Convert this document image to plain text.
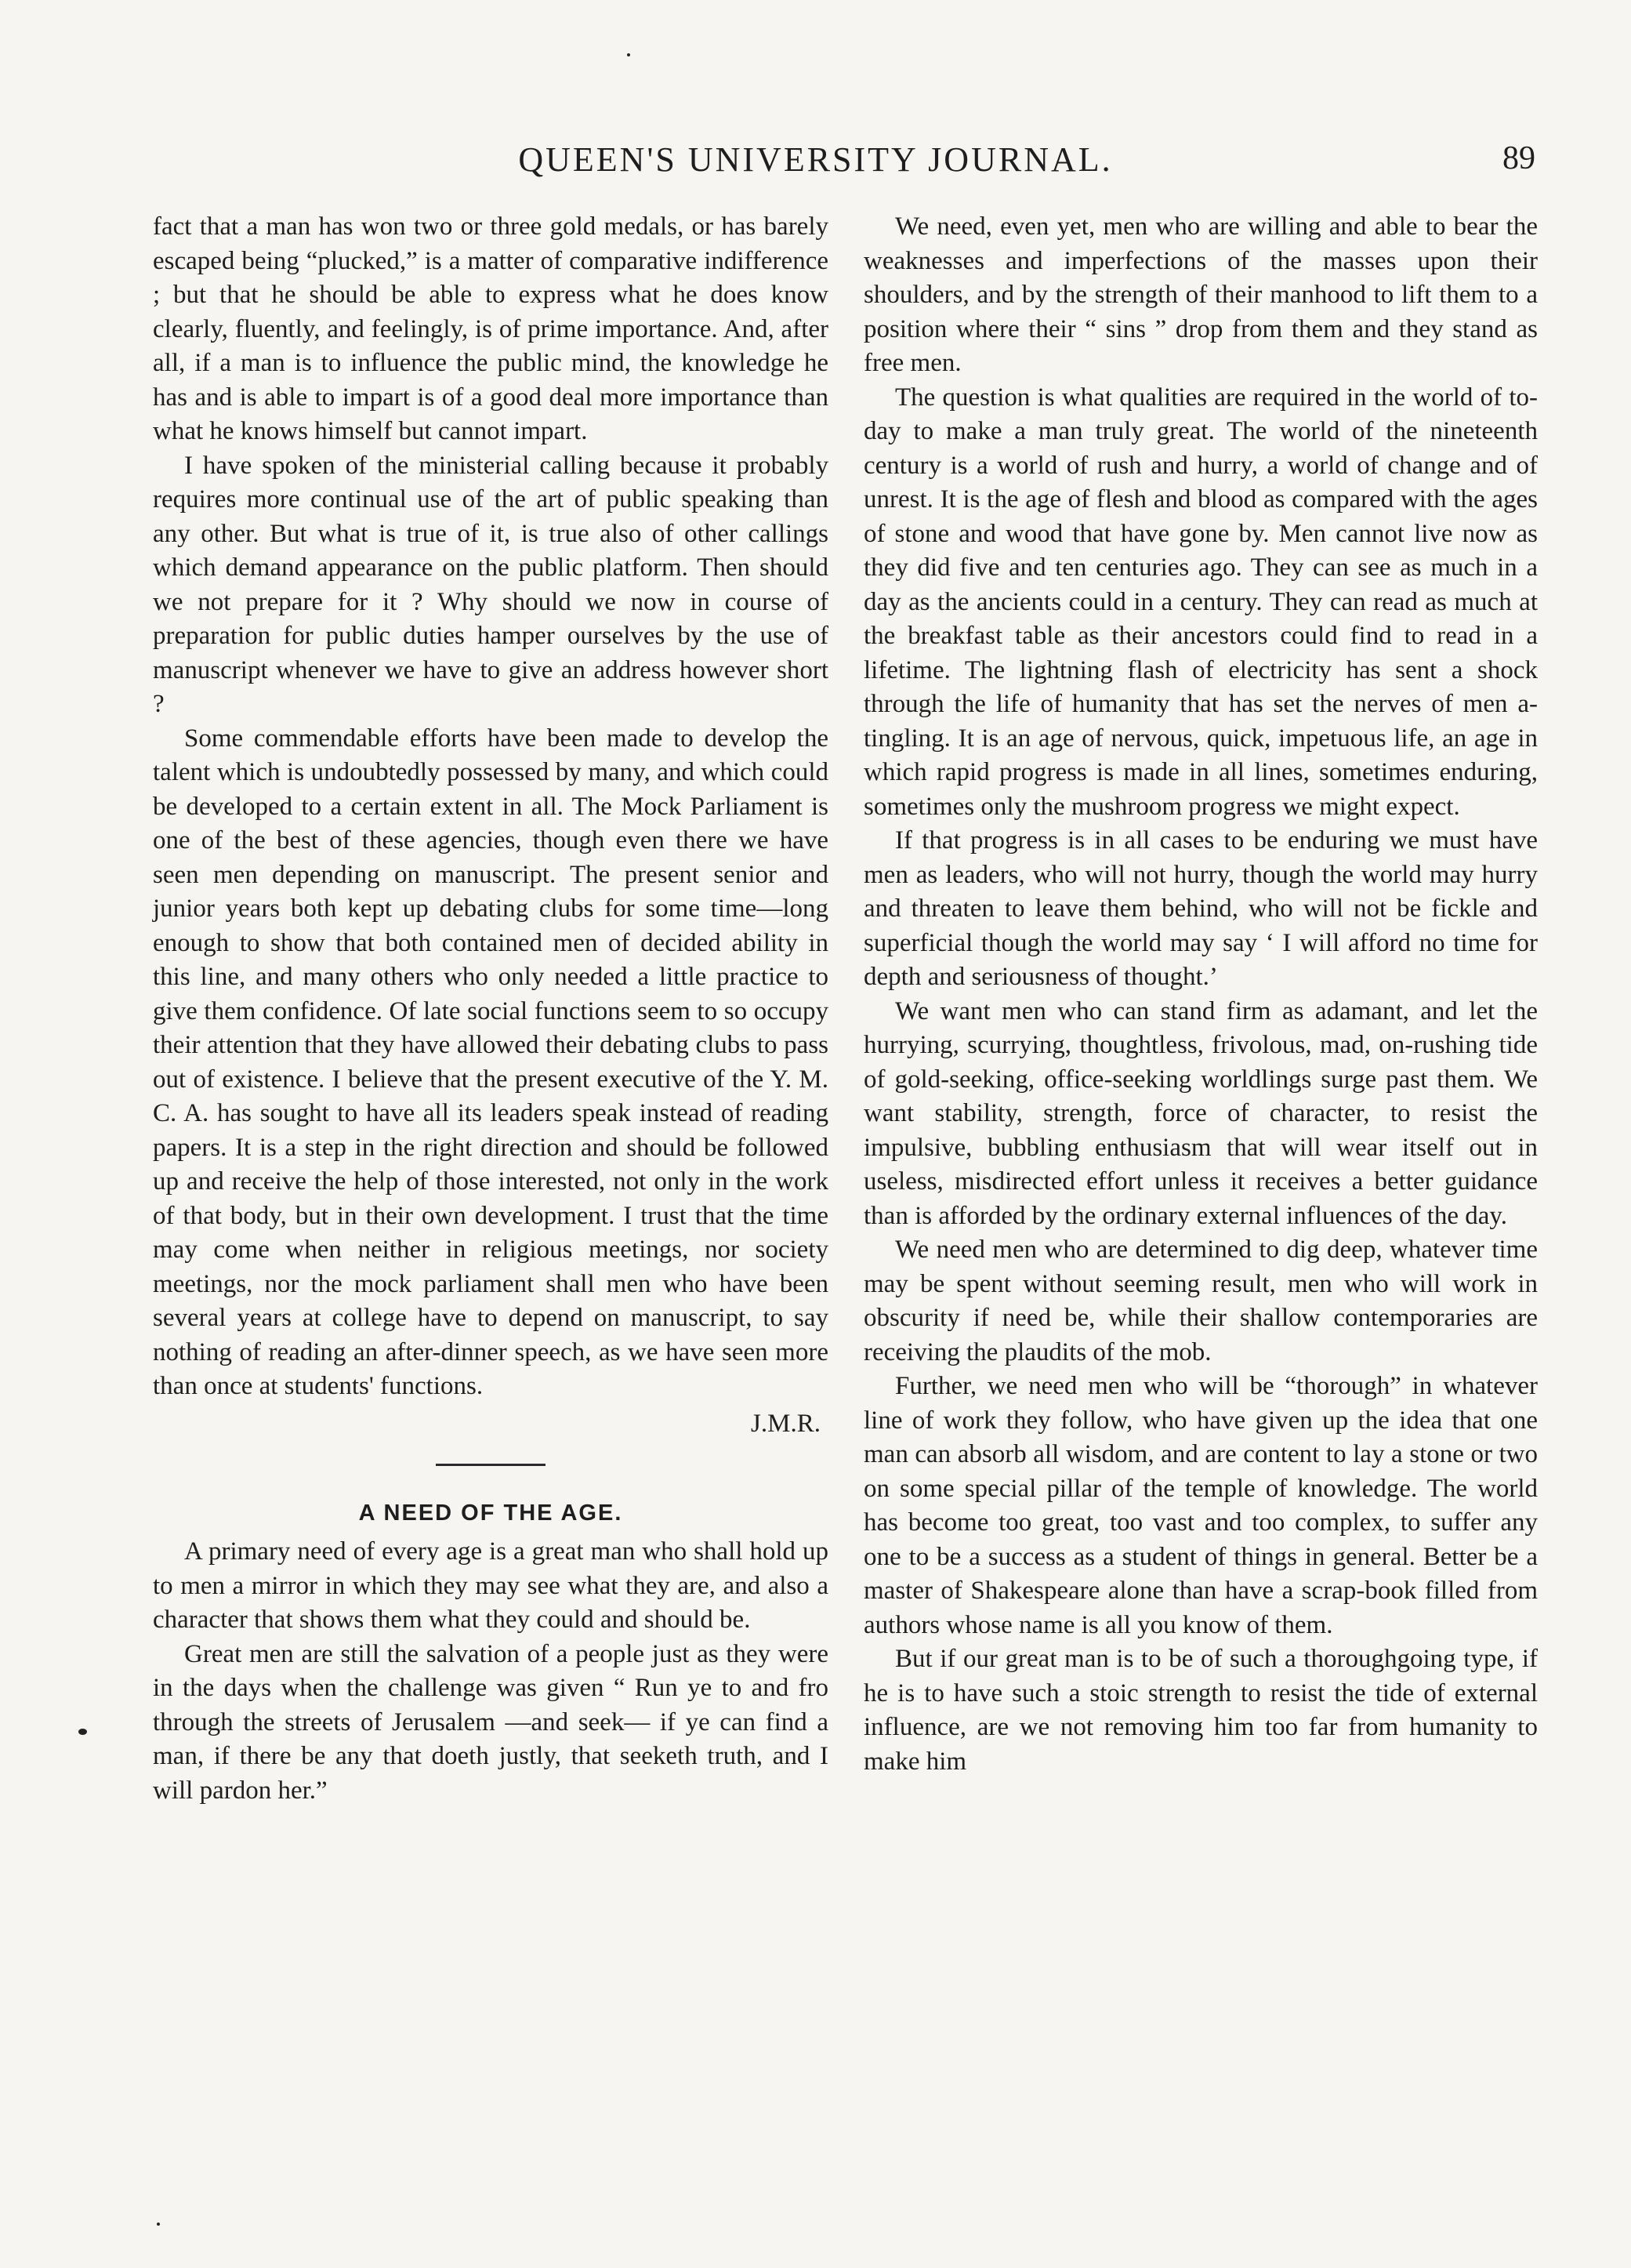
QUEEN'S UNIVERSITY JOURNAL.	89

fact that a man has won two or three gold medals, or has barely escaped being “plucked,” is a matter of comparative indifference ; but that he should be able to express what he does know clearly, fluently, and feelingly, is of prime importance. And, after all, if a man is to influence the public mind, the knowledge he has and is able to impart is of a good deal more importance than what he knows himself but cannot impart.

I have spoken of the ministerial calling because it probably requires more continual use of the art of public speaking than any other. But what is true of it, is true also of other callings which demand appearance on the public platform. Then should we not prepare for it ? Why should we now in course of preparation for public duties hamper ourselves by the use of manuscript whenever we have to give an address however short ?

Some commendable efforts have been made to develop the talent which is undoubtedly possessed by many, and which could be developed to a certain extent in all. The Mock Parliament is one of the best of these agencies, though even there we have seen men depending on manuscript. The present senior and junior years both kept up debating clubs for some time—long enough to show that both contained men of decided ability in this line, and many others who only needed a little practice to give them confidence. Of late social functions seem to so occupy their attention that they have allowed their debating clubs to pass out of existence. I believe that the present executive of the Y. M. C. A. has sought to have all its leaders speak instead of reading papers. It is a step in the right direction and should be followed up and receive the help of those interested, not only in the work of that body, but in their own development. I trust that the time may come when neither in religious meetings, nor society meetings, nor the mock parliament shall men who have been several years at college have to depend on manuscript, to say nothing of reading an after-dinner speech, as we have seen more than once at students' functions.

J.M.R.
A NEED OF THE AGE.

A primary need of every age is a great man who shall hold up to men a mirror in which they may see what they are, and also a character that shows them what they could and should be.

Great men are still the salvation of a people just as they were in the days when the challenge was given “ Run ye to and fro through the streets of Jerusalem —and seek— if ye can find a man, if there be any that doeth justly, that seeketh truth, and I will pardon her.”

We need, even yet, men who are willing and able to bear the weaknesses and imperfections of the masses upon their shoulders, and by the strength of their manhood to lift them to a position where their “ sins ” drop from them and they stand as free men.

The question is what qualities are required in the world of to-day to make a man truly great. The world of the nineteenth century is a world of rush and hurry, a world of change and of unrest. It is the age of flesh and blood as compared with the ages of stone and wood that have gone by. Men cannot live now as they did five and ten centuries ago. They can see as much in a day as the ancients could in a century. They can read as much at the breakfast table as their ancestors could find to read in a lifetime. The lightning flash of electricity has sent a shock through the life of humanity that has set the nerves of men a-tingling. It is an age of nervous, quick, impetuous life, an age in which rapid progress is made in all lines, sometimes enduring, sometimes only the mushroom progress we might expect.

If that progress is in all cases to be enduring we must have men as leaders, who will not hurry, though the world may hurry and threaten to leave them behind, who will not be fickle and superficial though the world may say ‘ I will afford no time for depth and seriousness of thought.’

We want men who can stand firm as adamant, and let the hurrying, scurrying, thoughtless, frivolous, mad, on-rushing tide of gold-seeking, office-seeking worldlings surge past them. We want stability, strength, force of character, to resist the impulsive, bubbling enthusiasm that will wear itself out in useless, misdirected effort unless it receives a better guidance than is afforded by the ordinary external influences of the day.

We need men who are determined to dig deep, whatever time may be spent without seeming result, men who will work in obscurity if need be, while their shallow contemporaries are receiving the plaudits of the mob.

Further, we need men who will be “thorough” in whatever line of work they follow, who have given up the idea that one man can absorb all wisdom, and are content to lay a stone or two on some special pillar of the temple of knowledge. The world has become too great, too vast and too complex, to suffer any one to be a success as a student of things in general. Better be a master of Shakespeare alone than have a scrap-book filled from authors whose name is all you know of them.

But if our great man is to be of such a thoroughgoing type, if he is to have such a stoic strength to resist the tide of external influence, are we not removing him too far from humanity to make him
